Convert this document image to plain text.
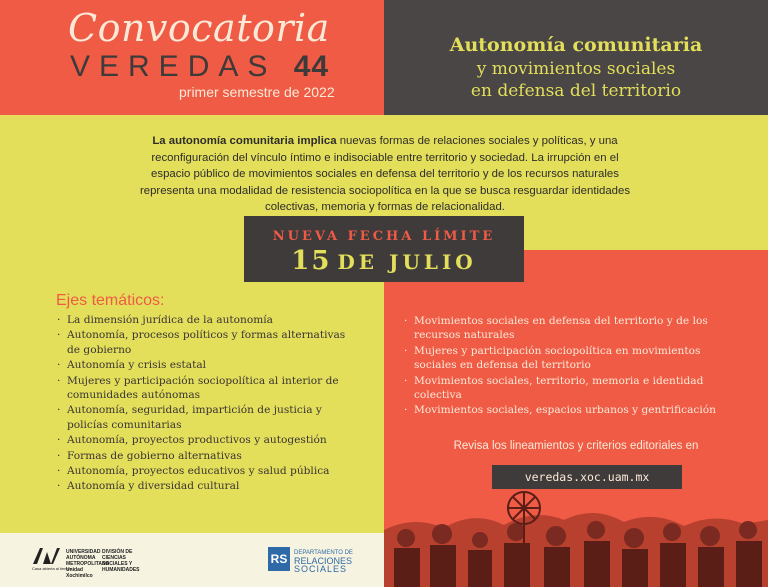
Convocatoria
VEREDAS 44
primer semestre de 2022
Autonomía comunitaria
y movimientos sociales
en defensa del territorio
La autonomía comunitaria implica nuevas formas de relaciones sociales y políticas, y una reconfiguración del vínculo íntimo e indisociable entre territorio y sociedad. La irrupción en el espacio público de movimientos sociales en defensa del territorio y de los recursos naturales representa una modalidad de resistencia sociopolítica en la que se busca resguardar identidades colectivas, memoria y formas de relacionalidad.
NUEVA FECHA LÍMITE
15 DE JULIO
Ejes temáticos:
· La dimensión jurídica de la autonomía
· Autonomía, procesos políticos y formas alternativas de gobierno
· Autonomía y crisis estatal
· Mujeres y participación sociopolítica al interior de comunidades autónomas
· Autonomía, seguridad, impartición de justicia y policías comunitarias
· Autonomía, proyectos productivos y autogestión
· Formas de gobierno alternativas
· Autonomía, proyectos educativos y salud pública
· Autonomía y diversidad cultural
· Movimientos sociales en defensa del territorio y de los recursos naturales
· Mujeres y participación sociopolítica en movimientos sociales en defensa del territorio
· Movimientos sociales, territorio, memoria e identidad colectiva
· Movimientos sociales, espacios urbanos y gentrificación
Revisa los lineamientos y criterios editoriales en
veredas.xoc.uam.mx
UNIVERSIDAD AUTÓNOMA METROPOLITANA
Unidad Xochimilco
DIVISIÓN DE CIENCIAS SOCIALES Y HUMANIDADES
Casa abierta al tiempo
RS	DEPARTAMENTO DE
RELACIONES
SOCIALES
